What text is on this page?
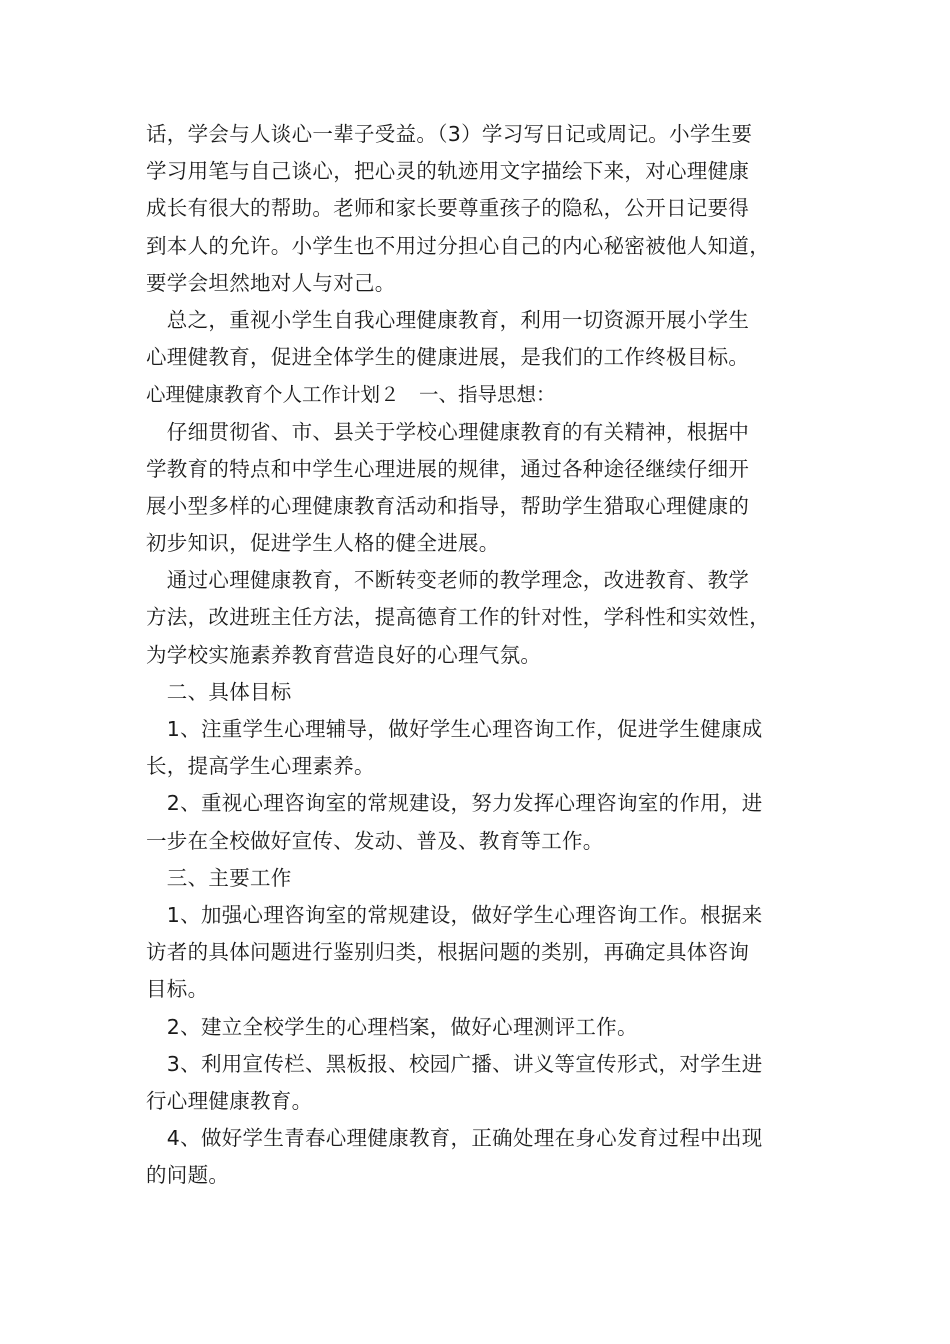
话，学会与人谈心一辈子受益。（3）学习写日记或周记。小学生要
学习用笔与自己谈心，把心灵的轨迹用文字描绘下来，对心理健康
成长有很大的帮助。老师和家长要尊重孩子的隐私，公开日记要得
到本人的允许。小学生也不用过分担心自己的内心秘密被他人知道，
要学会坦然地对人与对己。
　总之，重视小学生自我心理健康教育，利用一切资源开展小学生
心理健教育，促进全体学生的健康进展，是我们的工作终极目标。
心理健康教育个人工作计划２　一、指导思想：
　仔细贯彻省、市、县关于学校心理健康教育的有关精神，根据中
学教育的特点和中学生心理进展的规律，通过各种途径继续仔细开
展小型多样的心理健康教育活动和指导，帮助学生猎取心理健康的
初步知识，促进学生人格的健全进展。
　通过心理健康教育，不断转变老师的教学理念，改进教育、教学
方法，改进班主任方法，提高德育工作的针对性，学科性和实效性，
为学校实施素养教育营造良好的心理气氛。
　二、具体目标
　1、注重学生心理辅导，做好学生心理咨询工作，促进学生健康成
长，提高学生心理素养。
　2、重视心理咨询室的常规建设，努力发挥心理咨询室的作用，进
一步在全校做好宣传、发动、普及、教育等工作。
　三、主要工作
　1、加强心理咨询室的常规建设，做好学生心理咨询工作。根据来
访者的具体问题进行鉴别归类，根据问题的类别，再确定具体咨询
目标。
　2、建立全校学生的心理档案，做好心理测评工作。
　3、利用宣传栏、黑板报、校园广播、讲义等宣传形式，对学生进
行心理健康教育。
　4、做好学生青春心理健康教育，正确处理在身心发育过程中出现
的问题。
